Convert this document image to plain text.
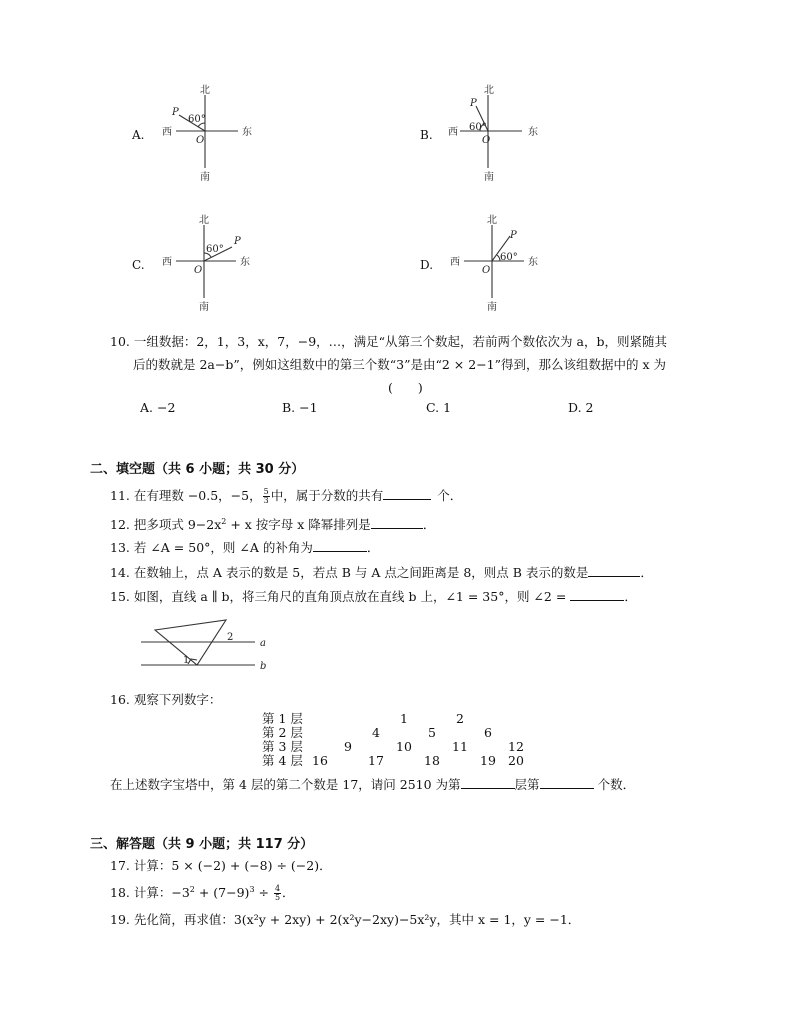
A.
北
南
西	东
60°
P
O	B.
北
南
西	东
60°
P
O
C.
北
南
西	东
60°
P
O	D.
北
南
西	东
60°
P
O
10. 一组数据：2，1，3，x，7，−9，…，满足“从第三个数起，若前两个数依次为 a，b，则紧随其
后的数就是 2a−b”，例如这组数中的第三个数“3”是由“2 × 2−1”得到，那么该组数据中的 x 为
(　　)
A. −2	B. −1	C. 1	D. 2
二、填空题（共 6 小题；共 30 分）
11. 在有理数 −0.5，−5， $\frac{5}{3}$ 中，属于分数的共有	个．
12. 把多项式 $9-2x^2 + x$ 按字母 x 降幂排列是	．
13. 若 ∠A = 50°，则 ∠A 的补角为	．
14. 在数轴上，点 A 表示的数是 5，若点 B 与 A 点之间距离是 8，则点 B 表示的数是	．
15. 如图，直线 a ∥ b，将三角尺的直角顶点放在直线 b 上，∠1 = 35°，则 ∠2 =	．
a
b
1
2
16. 观察下列数字：
第 1 层				1		2		
第 2 层			4		5		6	
第 3 层		9		10		11		12
第 4 层	16		17		18		19	20
在上述数字宝塔中，第 4 层的第二个数是 17，请问 2510 为第	层第	个数．
三、解答题（共 9 小题；共 117 分）
17. 计算：5 × (−2) + (−8) ÷ (−2)．
18. 计算：$-3^2 + (7-9)^3 \div \frac{4}{5}$ ．
19. 先化简，再求值：3(x²y + 2xy) + 2(x²y−2xy)−5x²y，其中 x = 1，y = −1．
